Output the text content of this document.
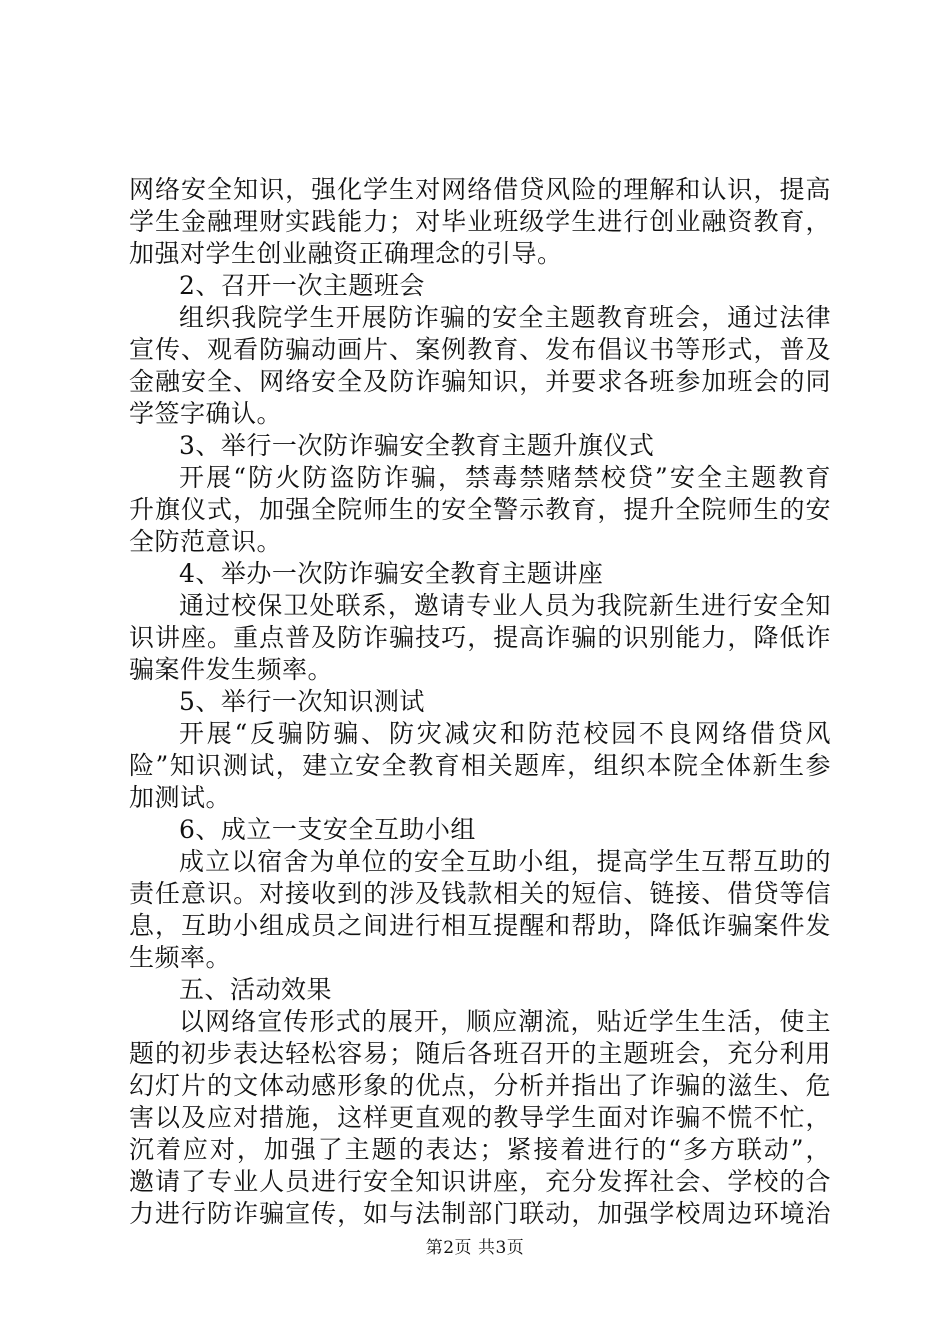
网络安全知识，强化学生对网络借贷风险的理解和认识，提高
学生金融理财实践能力；对毕业班级学生进行创业融资教育，
加强对学生创业融资正确理念的引导。
2、召开一次主题班会
组织我院学生开展防诈骗的安全主题教育班会，通过法律
宣传、观看防骗动画片、案例教育、发布倡议书等形式，普及
金融安全、网络安全及防诈骗知识，并要求各班参加班会的同
学签字确认。
3、举行一次防诈骗安全教育主题升旗仪式
开展“防火防盗防诈骗，禁毒禁赌禁校贷”安全主题教育
升旗仪式，加强全院师生的安全警示教育，提升全院师生的安
全防范意识。
4、举办一次防诈骗安全教育主题讲座
通过校保卫处联系，邀请专业人员为我院新生进行安全知
识讲座。重点普及防诈骗技巧，提高诈骗的识别能力，降低诈
骗案件发生频率。
5、举行一次知识测试
开展“反骗防骗、防灾减灾和防范校园不良网络借贷风
险”知识测试，建立安全教育相关题库，组织本院全体新生参
加测试。
6、成立一支安全互助小组
成立以宿舍为单位的安全互助小组，提高学生互帮互助的
责任意识。对接收到的涉及钱款相关的短信、链接、借贷等信
息，互助小组成员之间进行相互提醒和帮助，降低诈骗案件发
生频率。
五、活动效果
以网络宣传形式的展开，顺应潮流，贴近学生生活，使主
题的初步表达轻松容易；随后各班召开的主题班会，充分利用
幻灯片的文体动感形象的优点，分析并指出了诈骗的滋生、危
害以及应对措施，这样更直观的教导学生面对诈骗不慌不忙，
沉着应对，加强了主题的表达；紧接着进行的“多方联动”，
邀请了专业人员进行安全知识讲座，充分发挥社会、学校的合
力进行防诈骗宣传，如与法制部门联动，加强学校周边环境治
第2页 共3页
